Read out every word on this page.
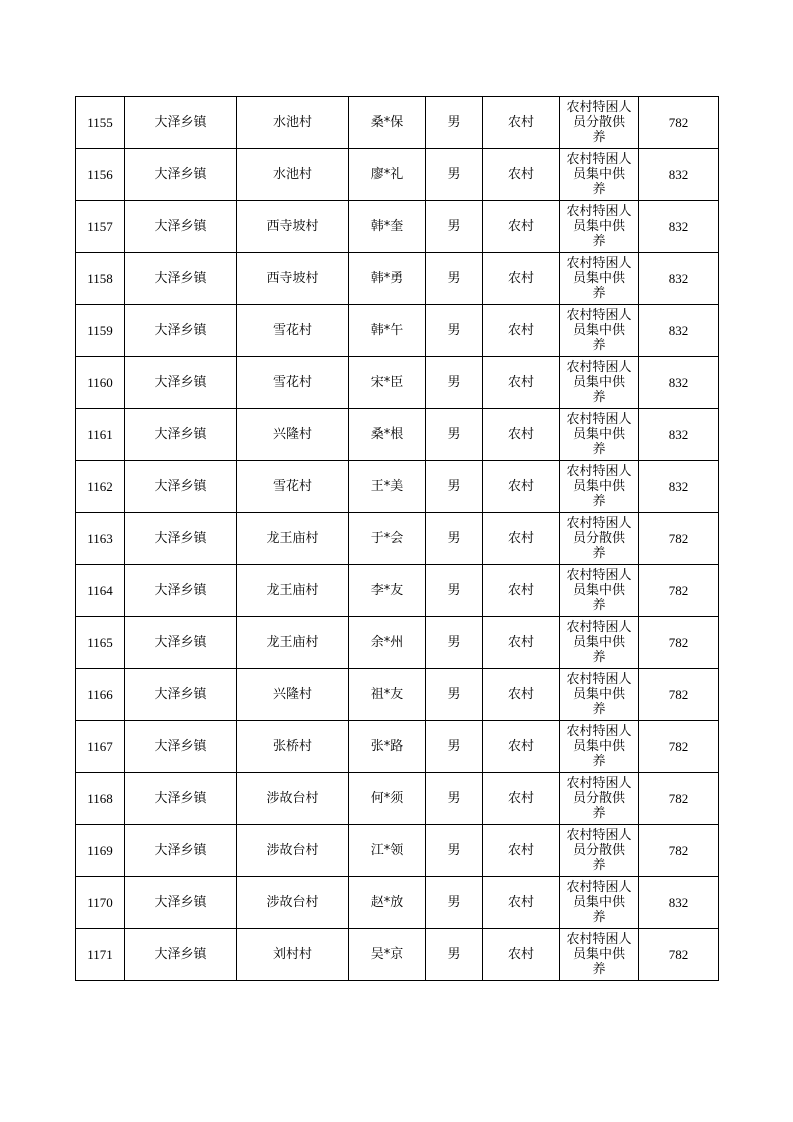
1155	大泽乡镇	水池村	桑*保	男	农村	农村特困人
员分散供
养	782
1156	大泽乡镇	水池村	廖*礼	男	农村	农村特困人
员集中供
养	832
1157	大泽乡镇	西寺坡村	韩*奎	男	农村	农村特困人
员集中供
养	832
1158	大泽乡镇	西寺坡村	韩*勇	男	农村	农村特困人
员集中供
养	832
1159	大泽乡镇	雪花村	韩*午	男	农村	农村特困人
员集中供
养	832
1160	大泽乡镇	雪花村	宋*臣	男	农村	农村特困人
员集中供
养	832
1161	大泽乡镇	兴隆村	桑*根	男	农村	农村特困人
员集中供
养	832
1162	大泽乡镇	雪花村	王*美	男	农村	农村特困人
员集中供
养	832
1163	大泽乡镇	龙王庙村	于*会	男	农村	农村特困人
员分散供
养	782
1164	大泽乡镇	龙王庙村	李*友	男	农村	农村特困人
员集中供
养	782
1165	大泽乡镇	龙王庙村	余*州	男	农村	农村特困人
员集中供
养	782
1166	大泽乡镇	兴隆村	祖*友	男	农村	农村特困人
员集中供
养	782
1167	大泽乡镇	张桥村	张*路	男	农村	农村特困人
员集中供
养	782
1168	大泽乡镇	涉故台村	何*须	男	农村	农村特困人
员分散供
养	782
1169	大泽乡镇	涉故台村	江*领	男	农村	农村特困人
员分散供
养	782
1170	大泽乡镇	涉故台村	赵*放	男	农村	农村特困人
员集中供
养	832
1171	大泽乡镇	刘村村	吴*京	男	农村	农村特困人
员集中供
养	782
